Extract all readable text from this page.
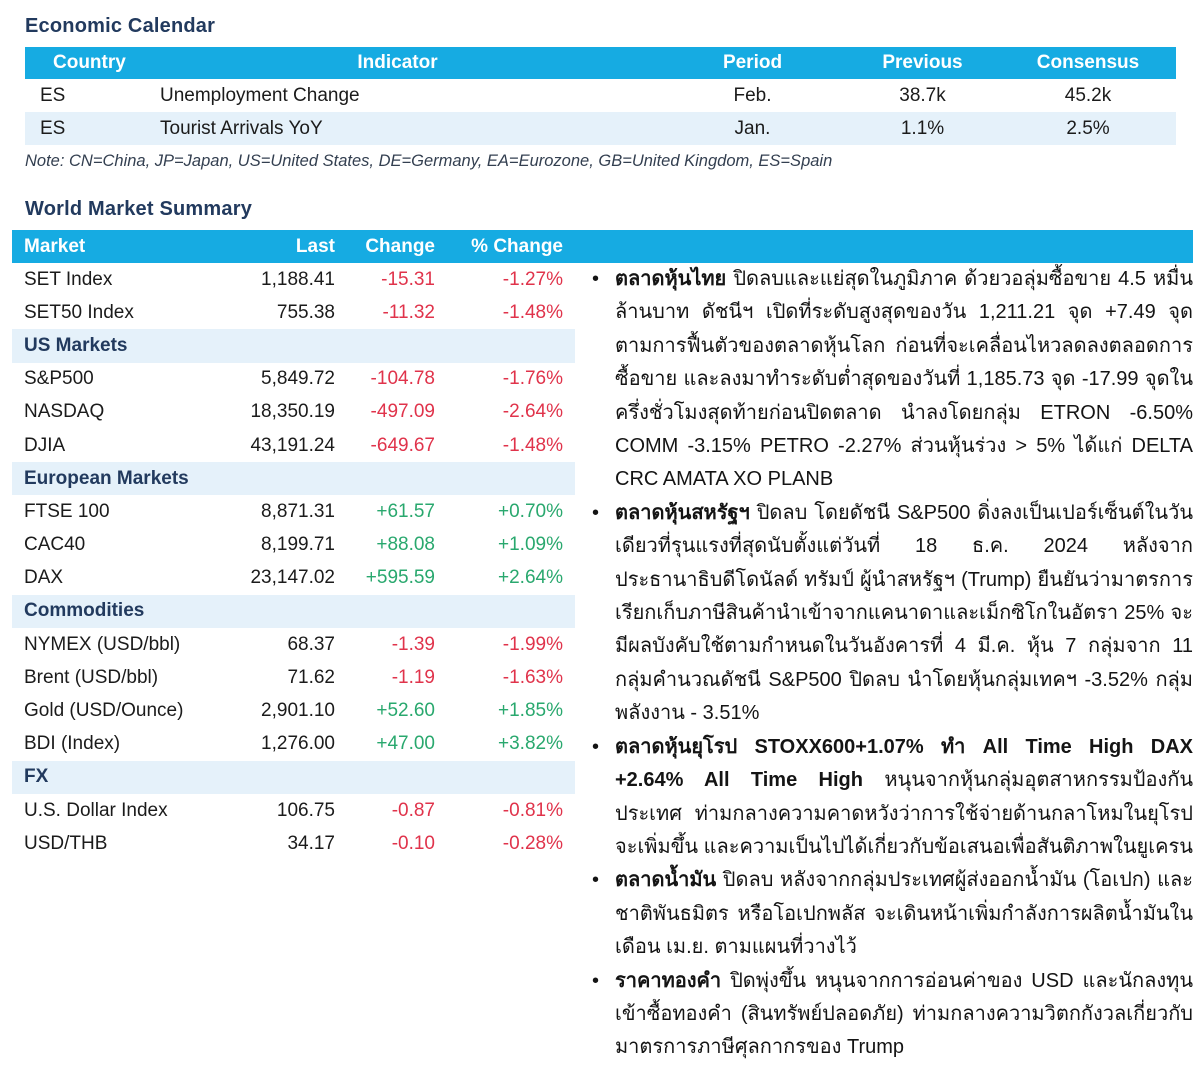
Economic Calendar
Country	Indicator	Period	Previous	Consensus
ES	Unemployment Change	Feb.	38.7k	45.2k
ES	Tourist Arrivals YoY	Jan.	1.1%	2.5%

Note: CN=China, JP=Japan, US=United States, DE=Germany, EA=Eurozone, GB=United Kingdom, ES=Spain

World Market Summary
Market	Last	Change	% Change
SET Index	1,188.41	-15.31	-1.27%
SET50 Index	755.38	-11.32	-1.48%
US Markets
S&P500	5,849.72	-104.78	-1.76%
NASDAQ	18,350.19	-497.09	-2.64%
DJIA	43,191.24	-649.67	-1.48%
European Markets
FTSE 100	8,871.31	+61.57	+0.70%
CAC40	8,199.71	+88.08	+1.09%
DAX	23,147.02	+595.59	+2.64%
Commodities
NYMEX (USD/bbl)	68.37	-1.39	-1.99%
Brent (USD/bbl)	71.62	-1.19	-1.63%
Gold (USD/Ounce)	2,901.10	+52.60	+1.85%
BDI (Index)	1,276.00	+47.00	+3.82%
FX
U.S. Dollar Index	106.75	-0.87	-0.81%
USD/THB	34.17	-0.10	-0.28%
• ตลาดหุ้นไทย ปิดลบและแย่สุดในภูมิภาค ด้วยวอลุ่มซื้อขาย 4.5 หมื่นล้านบาท ดัชนีฯ เปิดที่ระดับสูงสุดของวัน 1,211.21 จุด +7.49 จุด ตามการฟื้นตัวของตลาดหุ้นโลก ก่อนที่จะเคลื่อนไหวลดลงตลอดการซื้อขาย และลงมาทำระดับต่ำสุดของวันที่ 1,185.73 จุด -17.99 จุดในครึ่งชั่วโมงสุดท้ายก่อนปิดตลาด นำลงโดยกลุ่ม ETRON -6.50% COMM -3.15% PETRO -2.27% ส่วนหุ้นร่วง > 5% ได้แก่ DELTA CRC AMATA XO PLANB
• ตลาดหุ้นสหรัฐฯ ปิดลบ โดยดัชนี S&P500 ดิ่งลงเป็นเปอร์เซ็นต์ในวันเดียวที่รุนแรงที่สุดนับตั้งแต่วันที่ 18 ธ.ค. 2024 หลังจากประธานาธิบดีโดนัลด์ ทรัมป์ ผู้นำสหรัฐฯ (Trump) ยืนยันว่ามาตรการเรียกเก็บภาษีสินค้านำเข้าจากแคนาดาและเม็กซิโกในอัตรา 25% จะมีผลบังคับใช้ตามกำหนดในวันอังคารที่ 4 มี.ค. หุ้น 7 กลุ่มจาก 11 กลุ่มคำนวณดัชนี S&P500 ปิดลบ นำโดยหุ้นกลุ่มเทคฯ -3.52% กลุ่มพลังงาน - 3.51%
• ตลาดหุ้นยุโรป STOXX600+1.07% ทำ All Time High DAX +2.64% All Time High หนุนจากหุ้นกลุ่มอุตสาหกรรมป้องกันประเทศ ท่ามกลางความคาดหวังว่าการใช้จ่ายด้านกลาโหมในยุโรปจะเพิ่มขึ้น และความเป็นไปได้เกี่ยวกับข้อเสนอเพื่อสันติภาพในยูเครน
• ตลาดน้ำมัน ปิดลบ หลังจากกลุ่มประเทศผู้ส่งออกน้ำมัน (โอเปก) และชาติพันธมิตร หรือโอเปกพลัส จะเดินหน้าเพิ่มกำลังการผลิตน้ำมันในเดือน เม.ย. ตามแผนที่วางไว้
• ราคาทองคำ ปิดพุ่งขึ้น หนุนจากการอ่อนค่าของ USD และนักลงทุนเข้าซื้อทองคำ (สินทรัพย์ปลอดภัย) ท่ามกลางความวิตกกังวลเกี่ยวกับมาตรการภาษีศุลกากรของ Trump
